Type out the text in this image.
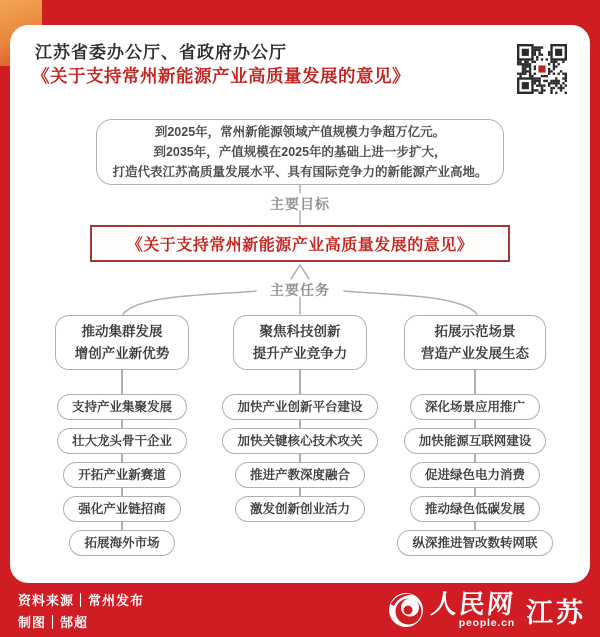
江苏省委办公厅、省政府办公厅
《关于支持常州新能源产业高质量发展的意见》
到2025年，常州新能源领域产值规模力争超万亿元。
到2035年，产值规模在2025年的基础上进一步扩大，
打造代表江苏高质量发展水平、具有国际竞争力的新能源产业高地。
主要目标
《关于支持常州新能源产业高质量发展的意见》
主要任务
推动集群发展
增创产业新优势
支持产业集聚发展
壮大龙头骨干企业
开拓产业新赛道
强化产业链招商
拓展海外市场
聚焦科技创新
提升产业竞争力
加快产业创新平台建设
加快关键核心技术攻关
推进产教深度融合
激发创新创业活力
拓展示范场景
营造产业发展生态
深化场景应用推广
加快能源互联网建设
促进绿色电力消费
推动绿色低碳发展
纵深推进智改数转网联
资料来源｜常州发布
制图｜郜超
人民网
people.cn 江苏
